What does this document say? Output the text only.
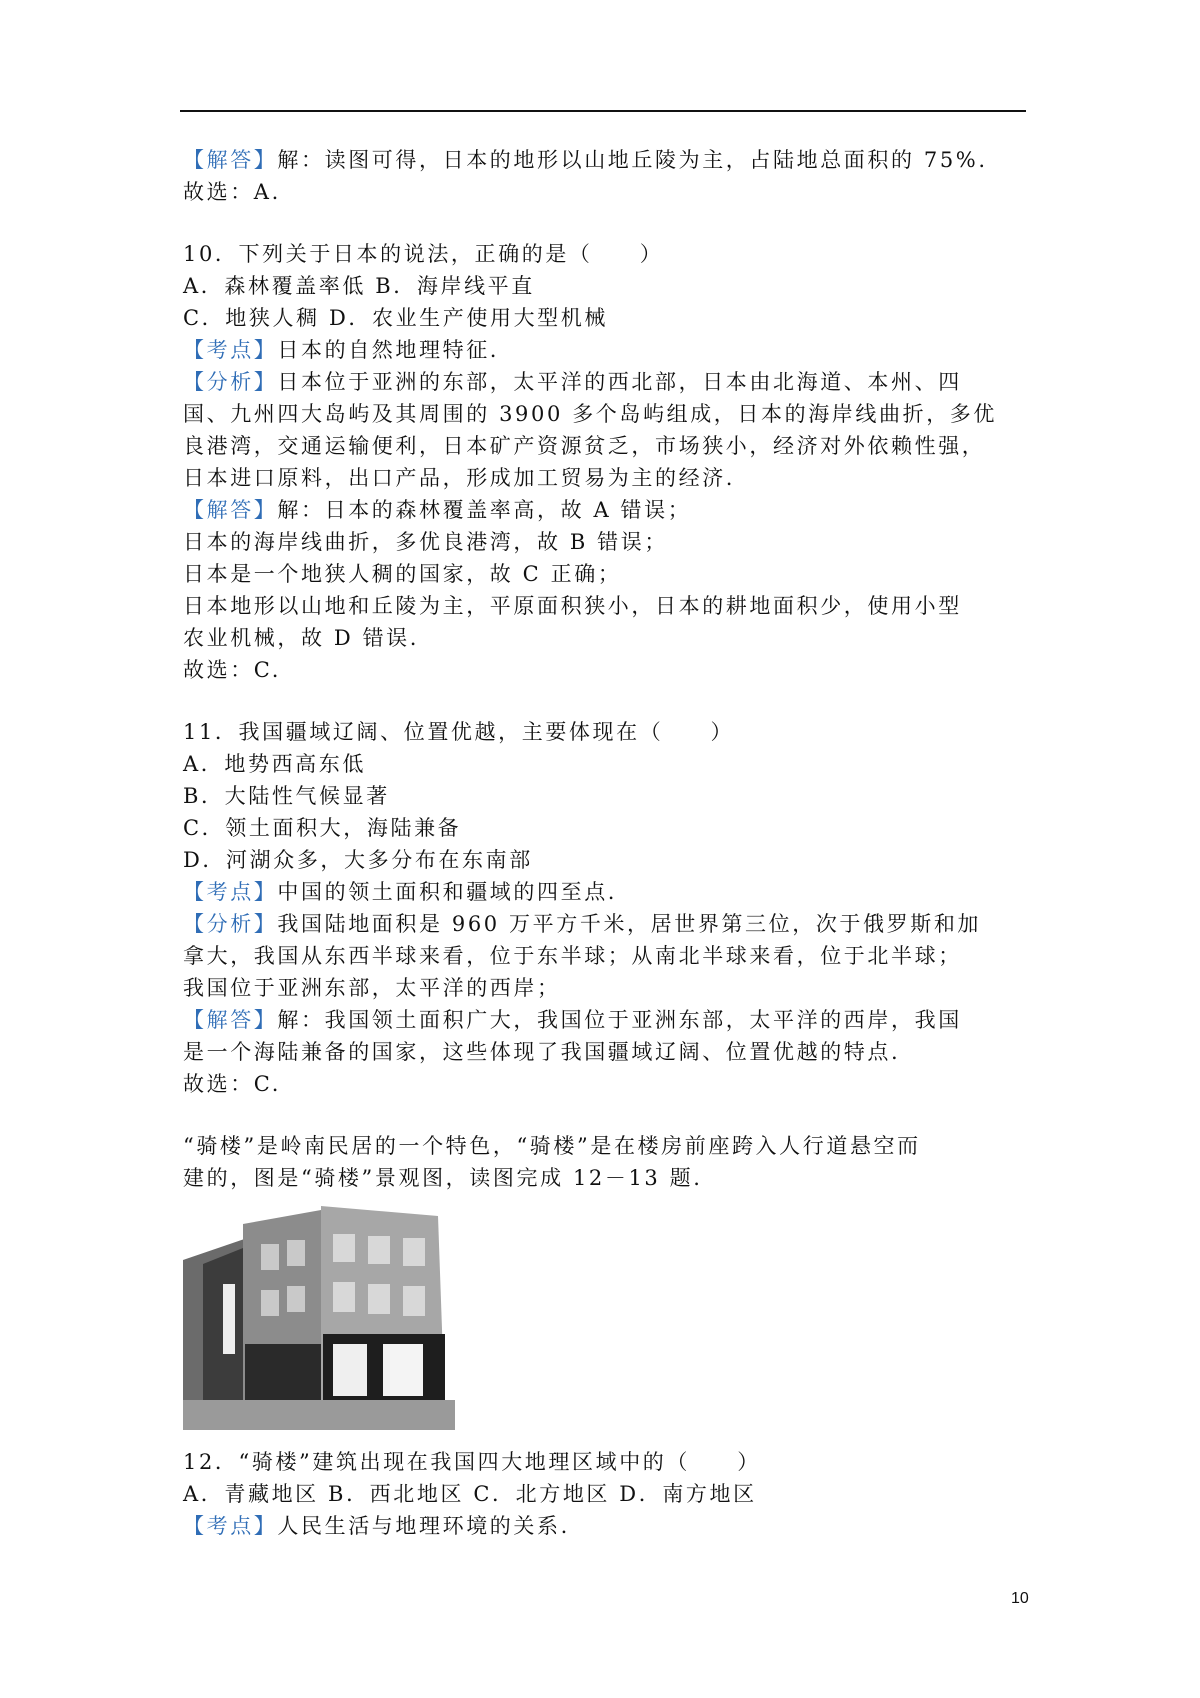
【解答】解：读图可得，日本的地形以山地丘陵为主，占陆地总面积的 75%.
故选：A.
10．下列关于日本的说法，正确的是（　　）
A．森林覆盖率低 B．海岸线平直
C．地狭人稠 D．农业生产使用大型机械
【考点】日本的自然地理特征.
【分析】日本位于亚洲的东部，太平洋的西北部，日本由北海道、本州、四
国、九州四大岛屿及其周围的 3900 多个岛屿组成，日本的海岸线曲折，多优
良港湾，交通运输便利，日本矿产资源贫乏，市场狭小，经济对外依赖性强，
日本进口原料，出口产品，形成加工贸易为主的经济.
【解答】解：日本的森林覆盖率高，故 A 错误；
日本的海岸线曲折，多优良港湾，故 B 错误；
日本是一个地狭人稠的国家，故 C 正确；
日本地形以山地和丘陵为主，平原面积狭小，日本的耕地面积少，使用小型
农业机械，故 D 错误.
故选：C.
11．我国疆域辽阔、位置优越，主要体现在（　　）
A．地势西高东低
B．大陆性气候显著
C．领土面积大，海陆兼备
D．河湖众多，大多分布在东南部
【考点】中国的领土面积和疆域的四至点.
【分析】我国陆地面积是 960 万平方千米，居世界第三位，次于俄罗斯和加
拿大，我国从东西半球来看，位于东半球；从南北半球来看，位于北半球；
我国位于亚洲东部，太平洋的西岸；
【解答】解：我国领土面积广大，我国位于亚洲东部，太平洋的西岸，我国
是一个海陆兼备的国家，这些体现了我国疆域辽阔、位置优越的特点.
故选：C.
“骑楼”是岭南民居的一个特色，“骑楼”是在楼房前座跨入人行道悬空而
建的，图是“骑楼”景观图，读图完成 12－13 题.
12．“骑楼”建筑出现在我国四大地理区域中的（　　）
A．青藏地区 B．西北地区 C．北方地区 D．南方地区
【考点】人民生活与地理环境的关系.
10
